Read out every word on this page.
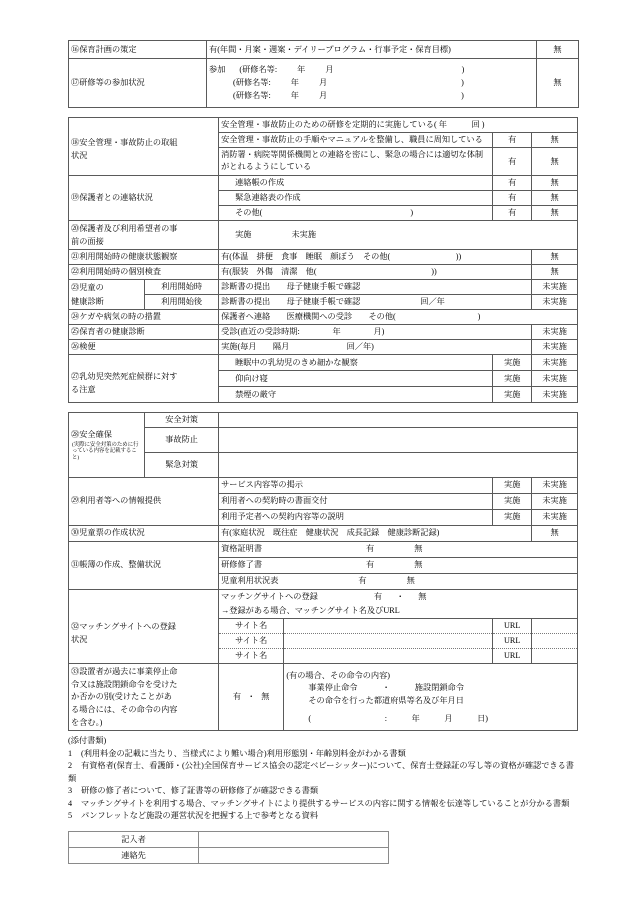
⑯保育計画の策定	有(年間・月案・週案・デイリープログラム・行事予定・保育目標)	無
⑰研修等の参加状況	参加 (研修名等: 年 月 )
(研修名等: 年 月 )
(研修名等: 年 月 )	無
⑱安全管理・事故防止の取組
状況		安全管理・事故防止のための研修を定期的に実施している( 年　　　回 )		
		安全管理・事故防止の手順やマニュアルを整備し、職員に周知している	有	無

		消防署・病院等関係機関との連絡を密にし、緊急の場合には適切な体制
がとれるようにしている	有	無
⑲保護者との連絡状況		連絡帳の作成	有	無
		緊急連絡表の作成	有	無
		その他( )	有	無

⑳保護者及び利用希望者の事
前の面接		実施 未実施		
㉑利用開始時の健康状態観察		有(体温　排便　食事　睡眠　顔ぼう　その他(　　　　　　　　))		無
㉒利用開始時の個別検査		有(服装　外傷　清潔　他(　　　　　　　　　　　　　　))		無
㉓児童の	利用開始時	診断書の提出　　母子健康手帳で確認		未実施
健康診断	利用開始後	診断書の提出　　母子健康手帳で確認 回／年		未実施
㉔ケガや病気の時の措置		保護者へ連絡　　医療機関への受診　　その他(　　　　　　　　　　)		
㉕保育者の健康診断		受診(直近の受診時期:　　　　年　　　　月)		未実施
㉖検便		実施(毎月　　隔月　　　　　　　回／年)		未実施

㉗乳幼児突然死症候群に対す
る注意		睡眠中の乳幼児のきめ細かな観察	実施	未実施
		仰向け寝	実施	未実施
		禁煙の厳守	実施	未実施
㉘安全確保
(実際に安全対策のために行っている内容を記載すること)	安全対策				
	事故防止				
	緊急対策				
㉙利用者等への情報提供		サービス内容等の掲示		実施	未実施
		利用者への契約時の書面交付		実施	未実施
		利用予定者への契約内容等の説明		実施	未実施
㉚児童票の作成状況		有(家庭状況　既往症　健康状況　成長記録　健康診断記録)			無
㉛帳簿の作成、整備状況		資格証明書 有 無			
		研修修了書 有 無			
		児童利用状況表 有 無			

㉜マッチングサイトへの登録
状況		マッチングサイトへの登録 有 ・ 無			
		→登録がある場合、マッチングサイト名及びURL			
		サイト名		URL	
		サイト名		URL	
		サイト名		URL	

㉝設置者が過去に事業停止命
令又は施設閉鎖命令を受けた
か否かの別(受けたことがあ
る場合には、その命令の内容
を含む。)		有 ・ 無	(有の場合、その命令の内容)
事業停止命令　　　・　　　施設閉鎖命令
その命令を行った都道府県等名及び年月日
(　　　　　　　　　:　　　年　　　月　　　日)		
(添付書類)
1 (利用料金の記載に当たり、当様式により難い場合)利用形態別・年齢別料金がわかる書類
2 有資格者(保育士、看護師・(公社)全国保育サービス協会の認定ベビーシッター)について、保育士登録証の写し等の資格が確認できる書類
3 研修の修了者について、修了証書等の研修修了が確認できる書類
4 マッチングサイトを利用する場合、マッチングサイトにより提供するサービスの内容に関する情報を伝達等していることが分かる書類
5 パンフレットなど施設の運営状況を把握する上で参考となる資料
記入者	
連絡先	
